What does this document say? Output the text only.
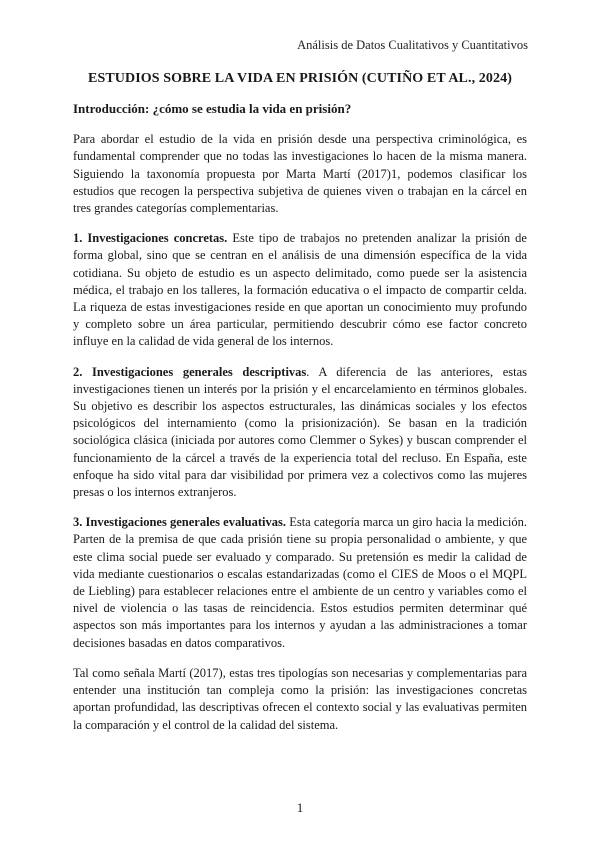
Análisis de Datos Cualitativos y Cuantitativos
ESTUDIOS SOBRE LA VIDA EN PRISIÓN (CUTIÑO ET AL., 2024)
Introducción: ¿cómo se estudia la vida en prisión?

Para abordar el estudio de la vida en prisión desde una perspectiva criminológica, es fundamental comprender que no todas las investigaciones lo hacen de la misma manera. Siguiendo la taxonomía propuesta por Marta Martí (2017)1, podemos clasificar los estudios que recogen la perspectiva subjetiva de quienes viven o trabajan en la cárcel en tres grandes categorías complementarias.

1. Investigaciones concretas. Este tipo de trabajos no pretenden analizar la prisión de forma global, sino que se centran en el análisis de una dimensión específica de la vida cotidiana. Su objeto de estudio es un aspecto delimitado, como puede ser la asistencia médica, el trabajo en los talleres, la formación educativa o el impacto de compartir celda. La riqueza de estas investigaciones reside en que aportan un conocimiento muy profundo y completo sobre un área particular, permitiendo descubrir cómo ese factor concreto influye en la calidad de vida general de los internos.

2. Investigaciones generales descriptivas. A diferencia de las anteriores, estas investigaciones tienen un interés por la prisión y el encarcelamiento en términos globales. Su objetivo es describir los aspectos estructurales, las dinámicas sociales y los efectos psicológicos del internamiento (como la prisionización). Se basan en la tradición sociológica clásica (iniciada por autores como Clemmer o Sykes) y buscan comprender el funcionamiento de la cárcel a través de la experiencia total del recluso. En España, este enfoque ha sido vital para dar visibilidad por primera vez a colectivos como las mujeres presas o los internos extranjeros.

3. Investigaciones generales evaluativas. Esta categoría marca un giro hacia la medición. Parten de la premisa de que cada prisión tiene su propia personalidad o ambiente, y que este clima social puede ser evaluado y comparado. Su pretensión es medir la calidad de vida mediante cuestionarios o escalas estandarizadas (como el CIES de Moos o el MQPL de Liebling) para establecer relaciones entre el ambiente de un centro y variables como el nivel de violencia o las tasas de reincidencia. Estos estudios permiten determinar qué aspectos son más importantes para los internos y ayudan a las administraciones a tomar decisiones basadas en datos comparativos.

Tal como señala Martí (2017), estas tres tipologías son necesarias y complementarias para entender una institución tan compleja como la prisión: las investigaciones concretas aportan profundidad, las descriptivas ofrecen el contexto social y las evaluativas permiten la comparación y el control de la calidad del sistema.

1
